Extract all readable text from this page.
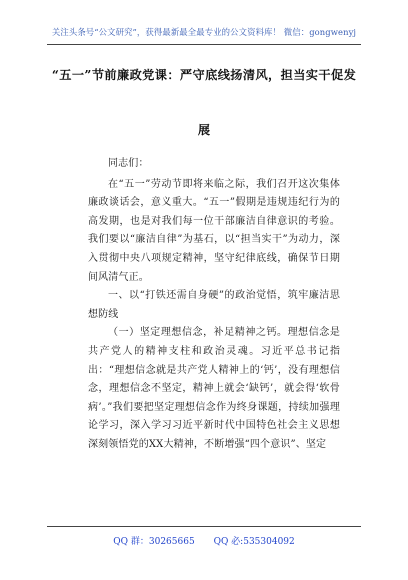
关注头条号“公文研究”，获得最新最全最专业的公文资料库！ 微信：gongwenyj
“五一”节前廉政党课：严守底线扬清风，担当实干促发
展

同志们：

在“五一”劳动节即将来临之际，我们召开这次集体廉政谈话会，意义重大。“五一”假期是违规违纪行为的高发期，也是对我们每一位干部廉洁自律意识的考验。我们要以“廉洁自律”为基石，以“担当实干”为动力，深入贯彻中央八项规定精神，坚守纪律底线，确保节日期间风清气正。

一、以“打铁还需自身硬”的政治觉悟，筑牢廉洁思想防线

（一）坚定理想信念，补足精神之钙。理想信念是共产党人的精神支柱和政治灵魂。习近平总书记指出：“理想信念就是共产党人精神上的‘钙’，没有理想信念，理想信念不坚定，精神上就会‘缺钙’，就会得‘软骨病’。”我们要把坚定理想信念作为终身课题，持续加强理论学习，深入学习习近平新时代中国特色社会主义思想深刻领悟党的XX大精神，不断增强“四个意识”、坚定

QQ 群：30265665 QQ 必:535304092
